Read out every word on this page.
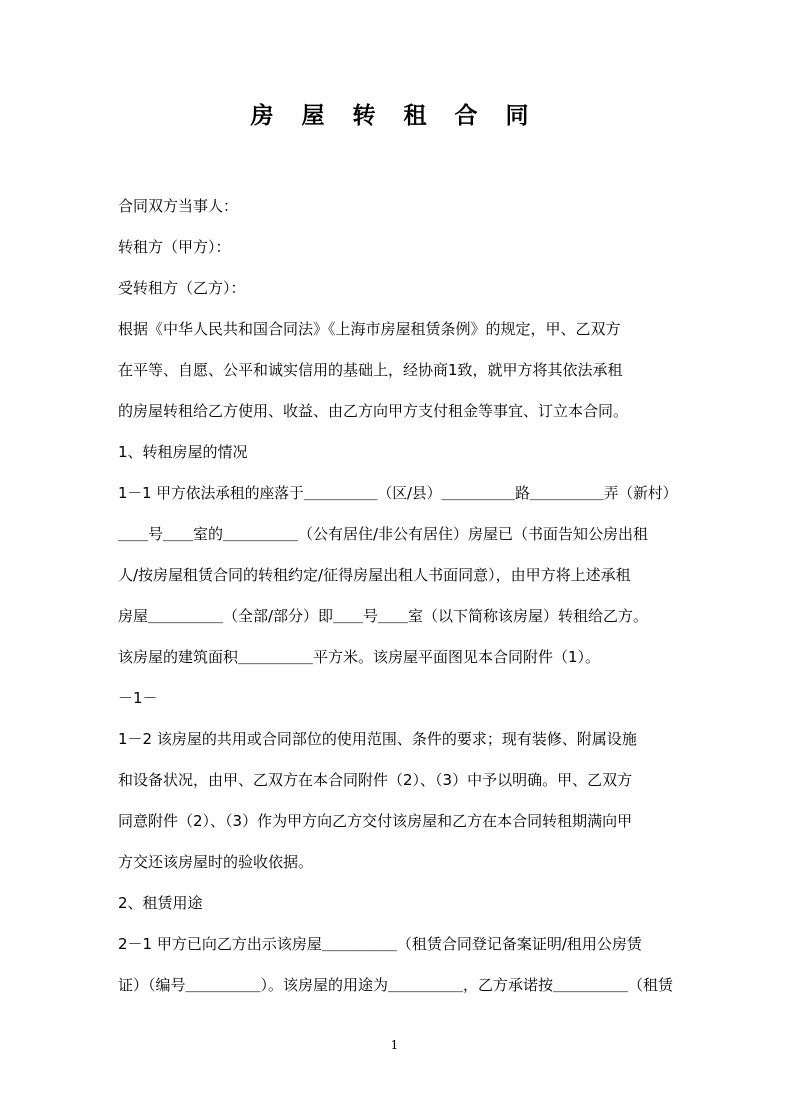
房 屋 转 租 合 同
合同双方当事人：
转租方（甲方）：
受转租方（乙方）：
根据《中华人民共和国合同法》《上海市房屋租赁条例》的规定，甲、乙双方
在平等、自愿、公平和诚实信用的基础上，经协商1致，就甲方将其依法承租
的房屋转租给乙方使用、收益、由乙方向甲方支付租金等事宜、订立本合同。
1、转租房屋的情况
1－1 甲方依法承租的座落于＿＿＿＿＿（区/县）＿＿＿＿＿路＿＿＿＿＿弄（新村）
＿＿号＿＿室的＿＿＿＿＿（公有居住/非公有居住）房屋已（书面告知公房出租
人/按房屋租赁合同的转租约定/征得房屋出租人书面同意），由甲方将上述承租
房屋＿＿＿＿＿（全部/部分）即＿＿号＿＿室（以下简称该房屋）转租给乙方。
该房屋的建筑面积＿＿＿＿＿平方米。该房屋平面图见本合同附件（1）。
－1－
1－2 该房屋的共用或合同部位的使用范围、条件的要求；现有装修、附属设施
和设备状况，由甲、乙双方在本合同附件（2）、（3）中予以明确。甲、乙双方
同意附件（2）、（3）作为甲方向乙方交付该房屋和乙方在本合同转租期满向甲
方交还该房屋时的验收依据。
2、租赁用途
2－1 甲方已向乙方出示该房屋＿＿＿＿＿（租赁合同登记备案证明/租用公房赁
证）（编号＿＿＿＿＿）。该房屋的用途为＿＿＿＿＿，乙方承诺按＿＿＿＿＿（租赁
1
